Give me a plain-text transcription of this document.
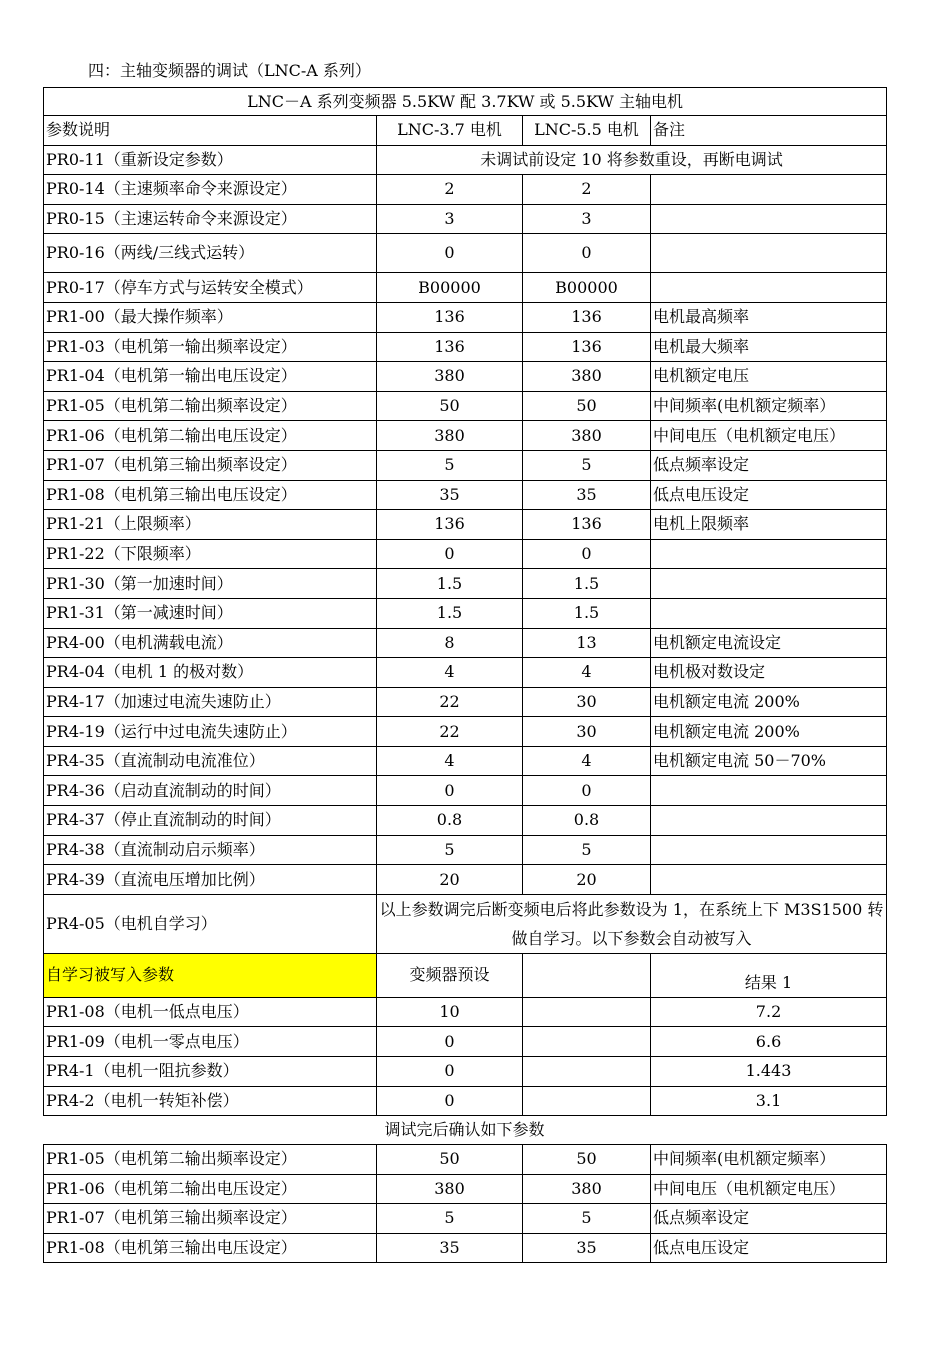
四：主轴变频器的调试（LNC-A 系列）
LNC－A 系列变频器 5.5KW 配 3.7KW 或 5.5KW 主轴电机			
参数说明	LNC-3.7 电机	LNC-5.5 电机	备注
PR0-11（重新设定参数）	未调试前设定 10 将参数重设，再断电调试		
PR0-14（主速频率命令来源设定）	2	2	
PR0-15（主速运转命令来源设定）	3	3	
PR0-16（两线/三线式运转）	0	0	
PR0-17（停车方式与运转安全模式）	B00000	B00000	
PR1-00（最大操作频率）	136	136	电机最高频率
PR1-03（电机第一输出频率设定）	136	136	电机最大频率
PR1-04（电机第一输出电压设定）	380	380	电机额定电压
PR1-05（电机第二输出频率设定）	50	50	中间频率(电机额定频率）
PR1-06（电机第二输出电压设定）	380	380	中间电压（电机额定电压）
PR1-07（电机第三输出频率设定）	5	5	低点频率设定
PR1-08（电机第三输出电压设定）	35	35	低点电压设定
PR1-21（上限频率）	136	136	电机上限频率
PR1-22（下限频率）	0	0	
PR1-30（第一加速时间）	1.5	1.5	
PR1-31（第一减速时间）	1.5	1.5	
PR4-00（电机满载电流）	8	13	电机额定电流设定
PR4-04（电机 1 的极对数）	4	4	电机极对数设定
PR4-17（加速过电流失速防止）	22	30	电机额定电流 200%
PR4-19（运行中过电流失速防止）	22	30	电机额定电流 200%
PR4-35（直流制动电流准位）	4	4	电机额定电流 50－70%
PR4-36（启动直流制动的时间）	0	0	
PR4-37（停止直流制动的时间）	0.8	0.8	
PR4-38（直流制动启示频率）	5	5	
PR4-39（直流电压增加比例）	20	20	
PR4-05（电机自学习）	以上参数调完后断变频电后将此参数设为 1，在系统上下 M3S1500 转做自学习。以下参数会自动被写入		
自学习被写入参数	变频器预设		结果 1
PR1-08（电机一低点电压）	10		7.2
PR1-09（电机一零点电压）	0		6.6
PR4-1（电机一阻抗参数）	0		1.443
PR4-2（电机一转矩补偿）	0		3.1
调试完后确认如下参数
PR1-05（电机第二输出频率设定）	50	50	中间频率(电机额定频率）
PR1-06（电机第二输出电压设定）	380	380	中间电压（电机额定电压）
PR1-07（电机第三输出频率设定）	5	5	低点频率设定
PR1-08（电机第三输出电压设定）	35	35	低点电压设定
